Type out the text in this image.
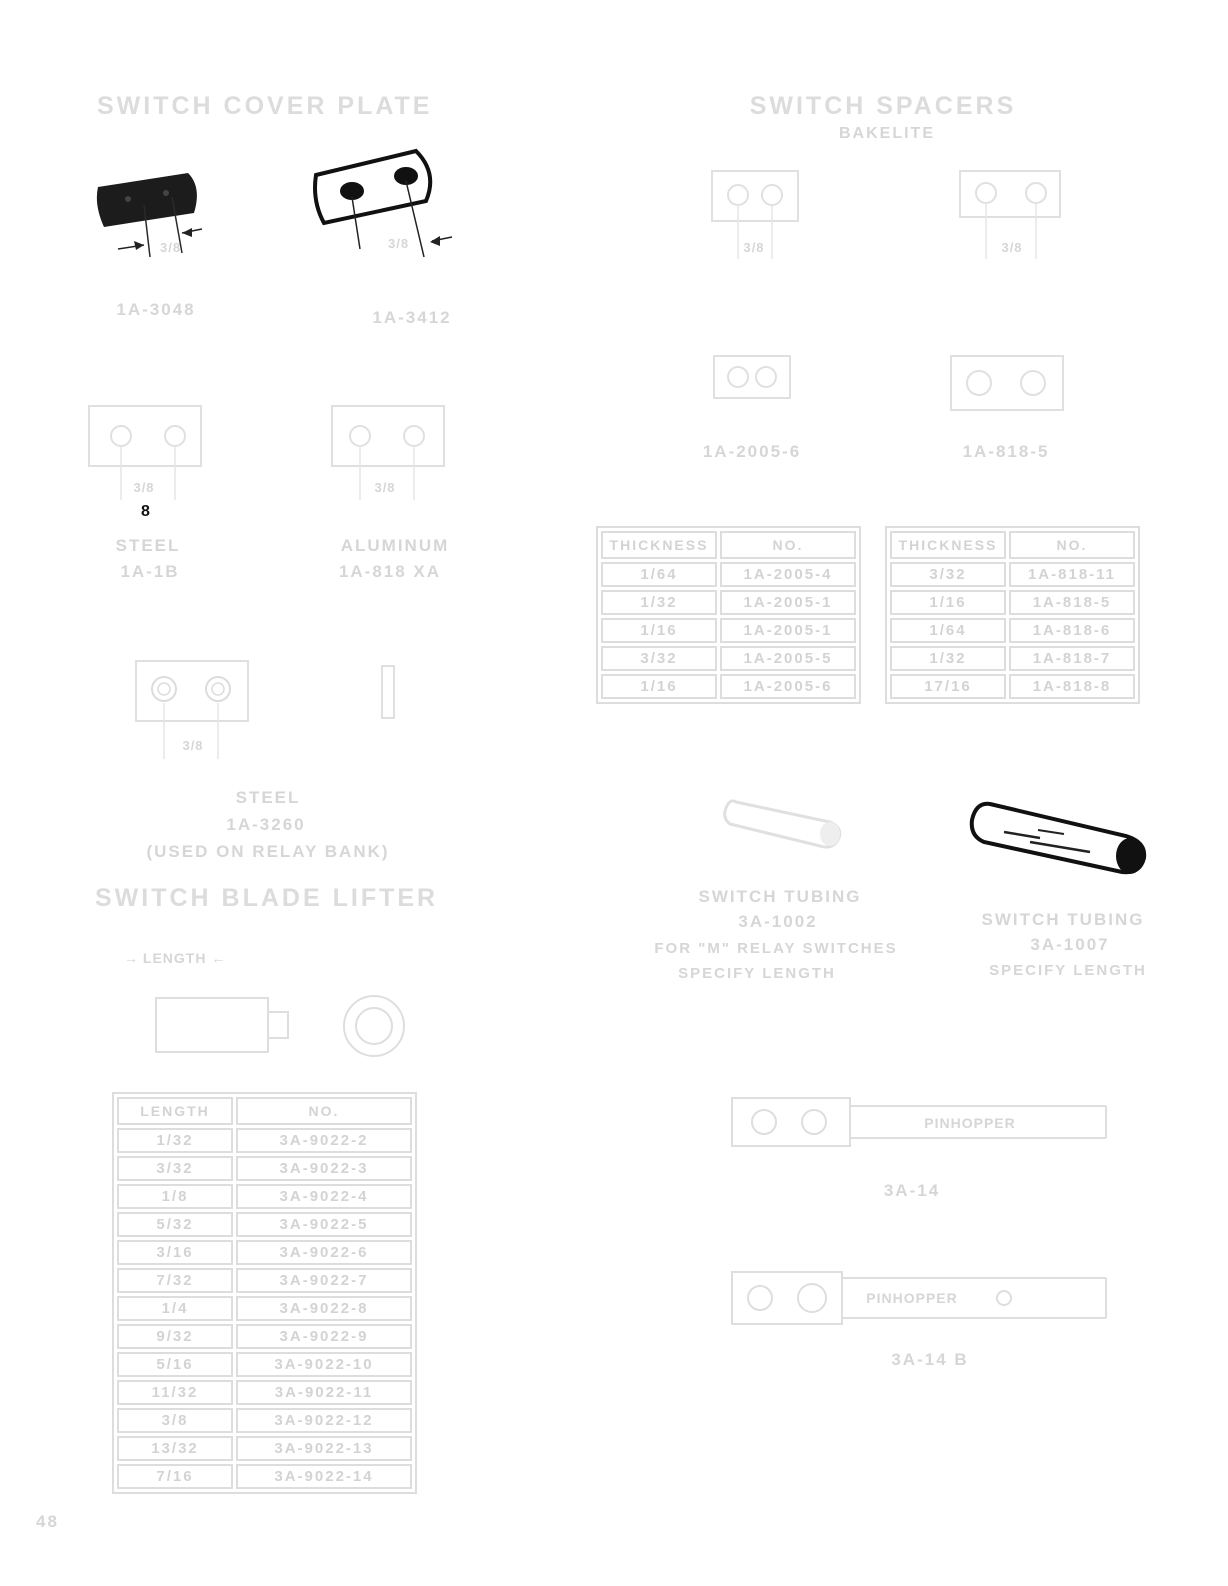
SWITCH COVER PLATE
3/8	3/8
1A-3048	1A-3412
3/8
8
3/8
STEEL
1A-1B
ALUMINUM
1A-818 XA
3/8
STEEL
1A-3260
(USED ON RELAY BANK)
SWITCH BLADE LIFTER
→ LENGTH ←
LENGTH	NO.
1/32	3A-9022-2
3/32	3A-9022-3
1/8	3A-9022-4
5/32	3A-9022-5
3/16	3A-9022-6
7/32	3A-9022-7
1/4	3A-9022-8
9/32	3A-9022-9
5/16	3A-9022-10
11/32	3A-9022-11
3/8	3A-9022-12
13/32	3A-9022-13
7/16	3A-9022-14
48
SWITCH SPACERS
BAKELITE
3/8	3/8
1A-2005-6	1A-818-5
THICKNESS	NO.
1/64	1A-2005-4
1/32	1A-2005-1
1/16	1A-2005-1
3/32	1A-2005-5
1/16	1A-2005-6
THICKNESS	NO.
3/32	1A-818-11
1/16	1A-818-5
1/64	1A-818-6
1/32	1A-818-7
17/16	1A-818-8
SWITCH TUBING
3A-1002
FOR "M" RELAY SWITCHES
SPECIFY LENGTH
SWITCH TUBING
3A-1007
SPECIFY LENGTH
PINHOPPER
3A-14
PINHOPPER
3A-14 B
